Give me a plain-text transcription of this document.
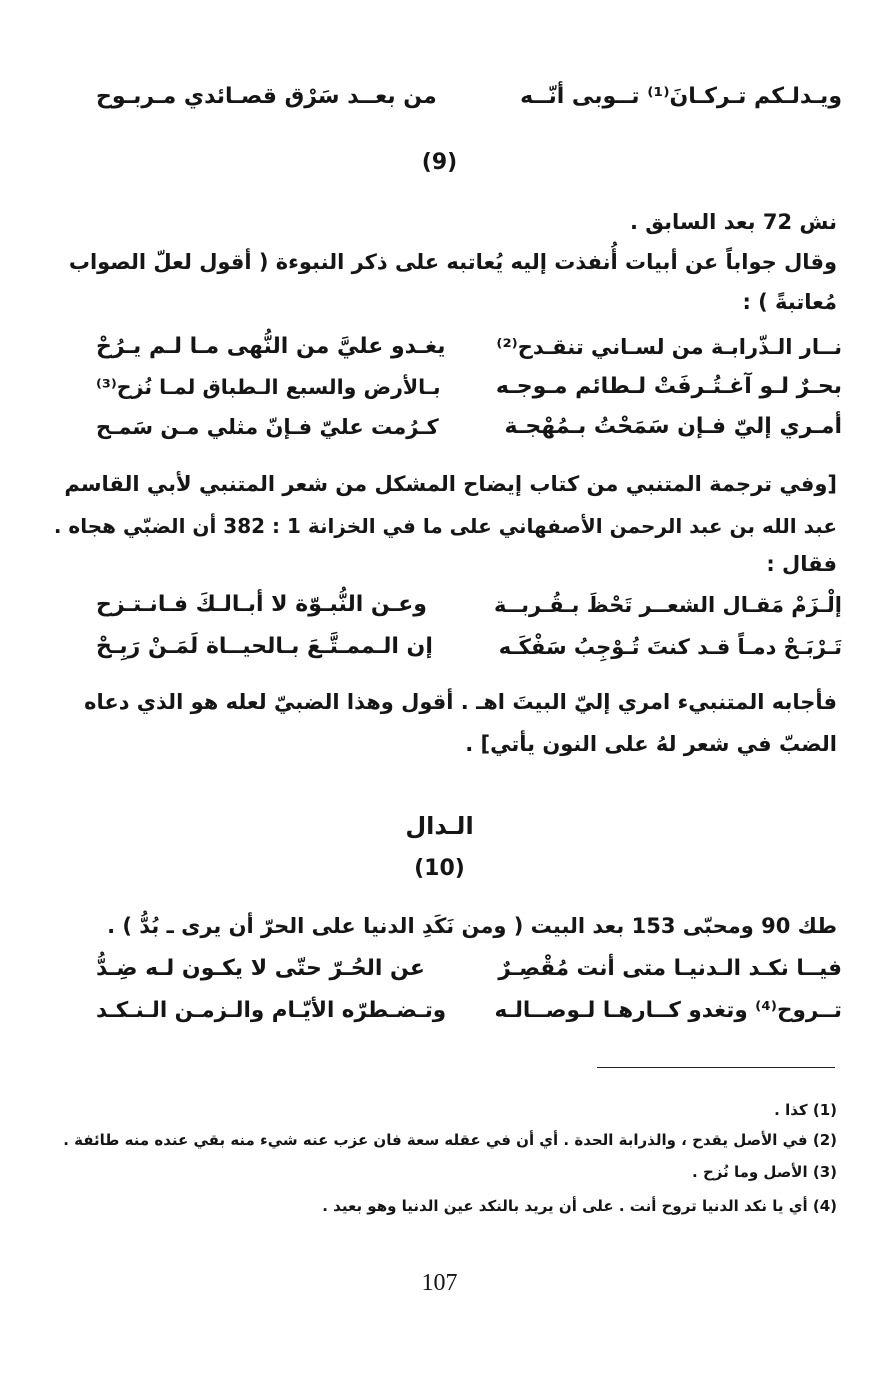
ويـدلـكم تـركـانَ⁽¹⁾ تــوبى أنّــه
من بعــد سَرْق قصـائدي مـربـوح
(9)
نش 72 بعد السابق .
وقال جواباً عن أبيات أُنفذت إليه يُعاتبه على ذكر النبوءة ( أقول لعلّ الصواب
مُعاتبةً ) :
نــار الـذّرابـة من لسـاني تنقـدح⁽²⁾
يغـدو عليَّ من النُّهى مـا لـم يـرُحْ
بحـرٌ لـو آغـتُـرفَتْ لـطائم مـوجـه
بـالأرض والسبع الـطباق لمـا نُزح⁽³⁾
أمـري إليّ فـإن سَمَحْتُ بـمُهْجـة
كـرُمت عليّ فـإنّ مثلي مـن سَمـح
[وفي ترجمة المتنبي من كتاب إيضاح المشكل من شعر المتنبي لأبي القاسم
عبد الله بن عبد الرحمن الأصفهاني على ما في الخزانة 1 : 382 أن الضبّي هجاه .
فقال :
إلْـزَمْ مَقـال الشعــر تَحْظَ بـقُـربــة
وعـن النُّبـوّة لا أبـالـكَ فـانـتـزح
تَـرْبَـحْ دمـاً قـد كنتَ تُـوْجِبُ سَفْكَـه
إن الـممـتَّـعَ بـالحيــاة لَمَـنْ رَبِـحْ
فأجابه المتنبيء امري إليّ البيتَ اهـ . أقول وهذا الضبيّ لعله هو الذي دعاه
الضبّ في شعر لهُ على النون يأتي] .
الـدال
(10)
طك 90 ومحبّى 153 بعد البيت ( ومن نَكَدِ الدنيا على الحرّ أن يرى ـ بُدُّ ) .
فيــا نكـد الـدنيـا متى أنت مُقْصِـرٌ
عن الحُـرّ حتّى لا يكـون لـه ضِـدُّ
تــروح⁽⁴⁾ وتغدو كــارهـا لـوصــالـه
وتـضـطرّه الأيّـام والـزمـن الـنـكـد
(1) كذا .
(2) في الأصل يقدح ، والذرابة الحدة . أي أن في عقله سعة فان عزب عنه شيء منه بقي عنده منه طائفة .
(3) الأصل وما نُزح .
(4) أي يا نكد الدنيا تروح أنت . على أن يريد بالنكد عين الدنيا وهو بعيد .
107
